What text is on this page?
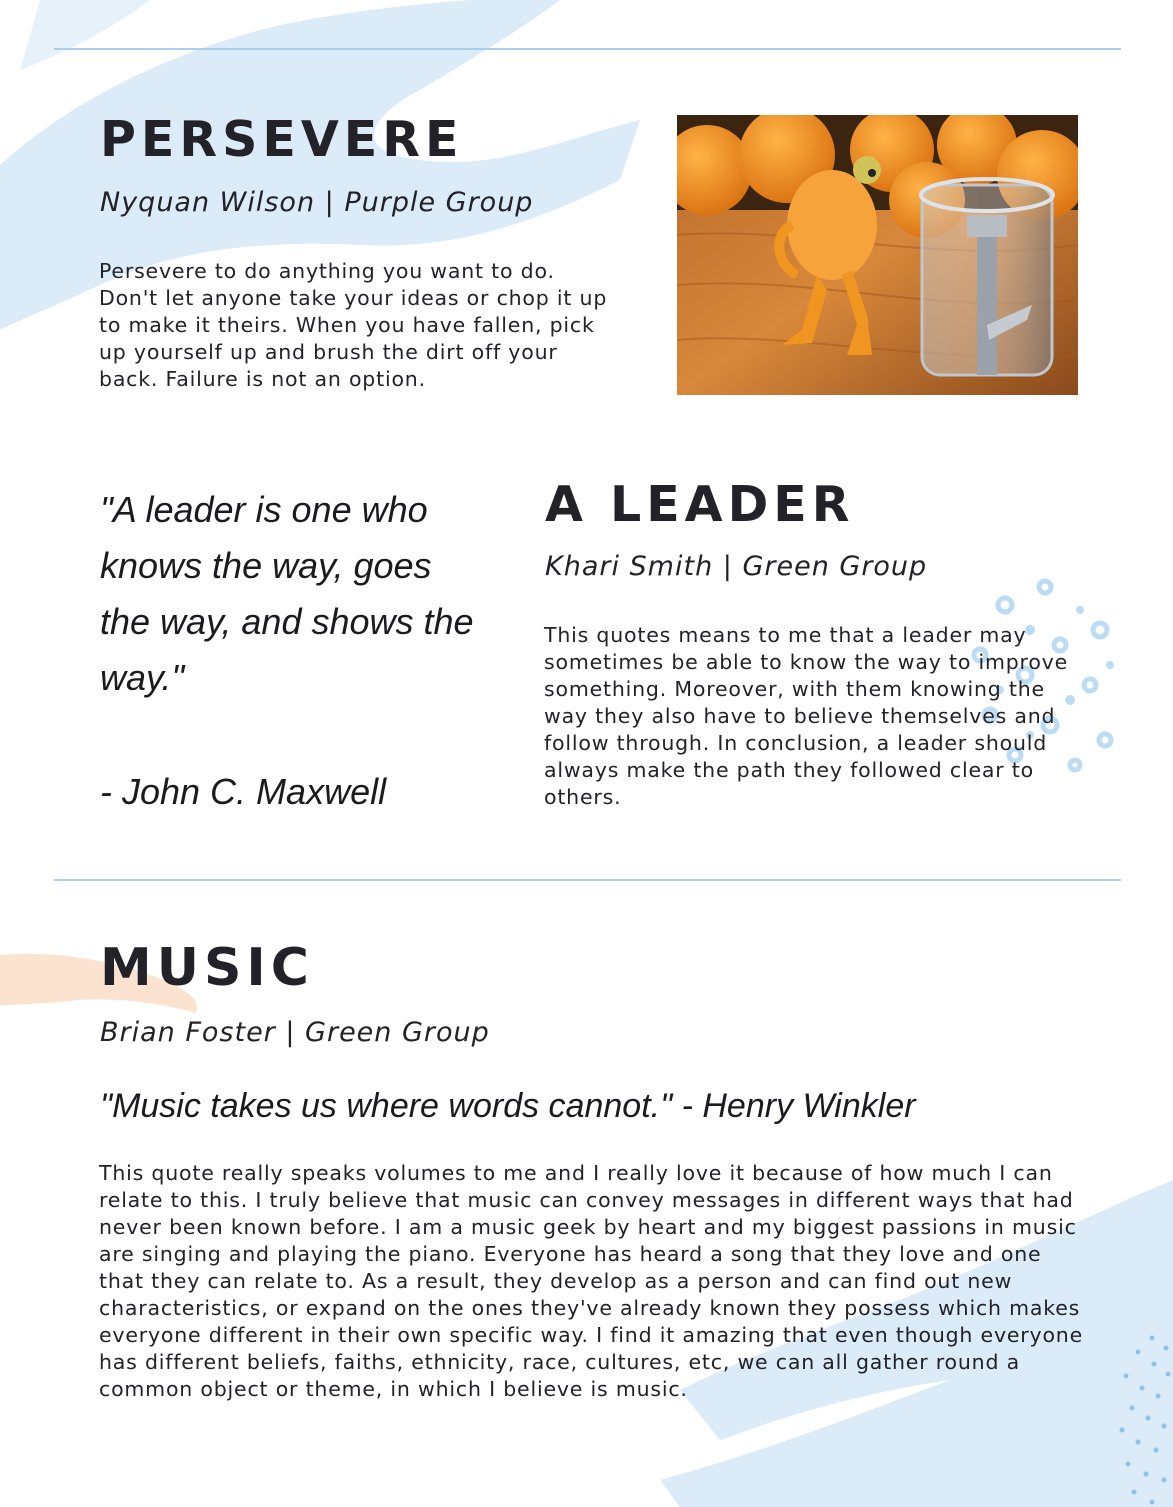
PERSEVERE

Nyquan Wilson | Purple Group

Persevere to do anything you want to do. Don't let anyone take your ideas or chop it up to make it theirs. When you have fallen, pick up yourself up and brush the dirt off your back. Failure is not an option.

"A leader is one who knows the way, goes the way, and shows the way."

- John C. Maxwell

A LEADER

Khari Smith | Green Group

This quotes means to me that a leader may sometimes be able to know the way to improve something. Moreover, with them knowing the way they also have to believe themselves and follow through. In conclusion, a leader should always make the path they followed clear to others.

MUSIC

Brian Foster | Green Group

"Music takes us where words cannot." - Henry Winkler

This quote really speaks volumes to me and I really love it because of how much I can relate to this. I truly believe that music can convey messages in different ways that had never been known before. I am a music geek by heart and my biggest passions in music are singing and playing the piano. Everyone has heard a song that they love and one that they can relate to. As a result, they develop as a person and can find out new characteristics, or expand on the ones they've already known they possess which makes everyone different in their own specific way. I find it amazing that even though everyone has different beliefs, faiths, ethnicity, race, cultures, etc, we can all gather round a common object or theme, in which I believe is music.
